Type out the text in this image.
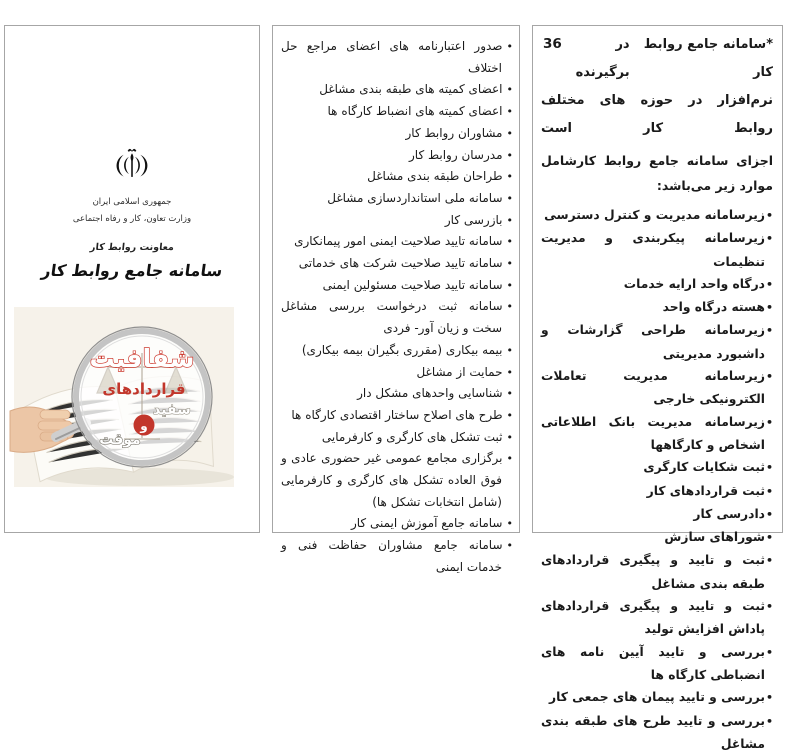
جمهوری اسلامی ایران
وزارت تعاون، کار و رفاه اجتماعی
معاونت روابط کار
سامانه جامع روابط کار
شفافیت
قراردادهای
سفید
و
موقت
•صدور اعتبارنامه های اعضای مراجع حل اختلاف
•اعضای کمیته های طبقه بندی مشاغل
•اعضای کمیته های انضباط کارگاه ها
•مشاوران روابط کار
•مدرسان روابط کار
•طراحان طبقه بندی مشاغل
•سامانه ملی استانداردسازی مشاغل
•بازرسی کار
•سامانه تایید صلاحیت ایمنی امور پیمانکاری
•سامانه تایید صلاحیت شرکت های خدماتی
•سامانه تایید صلاحیت مسئولین ایمنی
•سامانه ثبت درخواست بررسی مشاغل سخت و زیان آور- فردی
•بیمه بیکاری (مقرری بگیران بیمه بیکاری)
•حمایت از مشاغل
•شناسایی واحدهای مشکل دار
•طرح های اصلاح ساختار اقتصادی کارگاه ها
•ثبت تشکل های کارگری و کارفرمایی
•برگزاری مجامع عمومی غیر حضوری عادی و فوق العاده تشکل های کارگری و کارفرمایی (شامل انتخابات تشکل ها)
•سامانه جامع آموزش ایمنی کار
•سامانه جامع مشاوران حفاظت فنی و خدمات ایمنی
*سامانه جامع روابط کار
در برگیرنده
36
نرم‌افزار در حوزه های مختلف روابط کار است
اجزای سامانه جامع روابط کارشامل موارد زیر می‌باشد:
•زیرسامانه مدیریت و کنترل دسترسی
•زیرسامانه پیکربندی و مدیریت تنظیمات
•درگاه واحد ارایه خدمات
•هسته درگاه واحد
•زیرسامانه طراحی گزارشات و داشبورد مدیریتی
•زیرسامانه مدیریت تعاملات الکترونیکی خارجی
•زیرسامانه مدیریت بانک اطلاعاتی اشخاص و کارگاهها
•ثبت شکایات کارگری
•ثبت قراردادهای کار
•دادرسی کار
•شوراهای سازش
•ثبت و تایید و پیگیری قراردادهای طبقه بندی مشاغل
•ثبت و تایید و پیگیری قراردادهای پاداش افزایش تولید
•بررسی و تایید آیین نامه های انضباطی کارگاه ها
•بررسی و تایید پیمان های جمعی کار
•بررسی و تایید طرح های طبقه بندی مشاغل
